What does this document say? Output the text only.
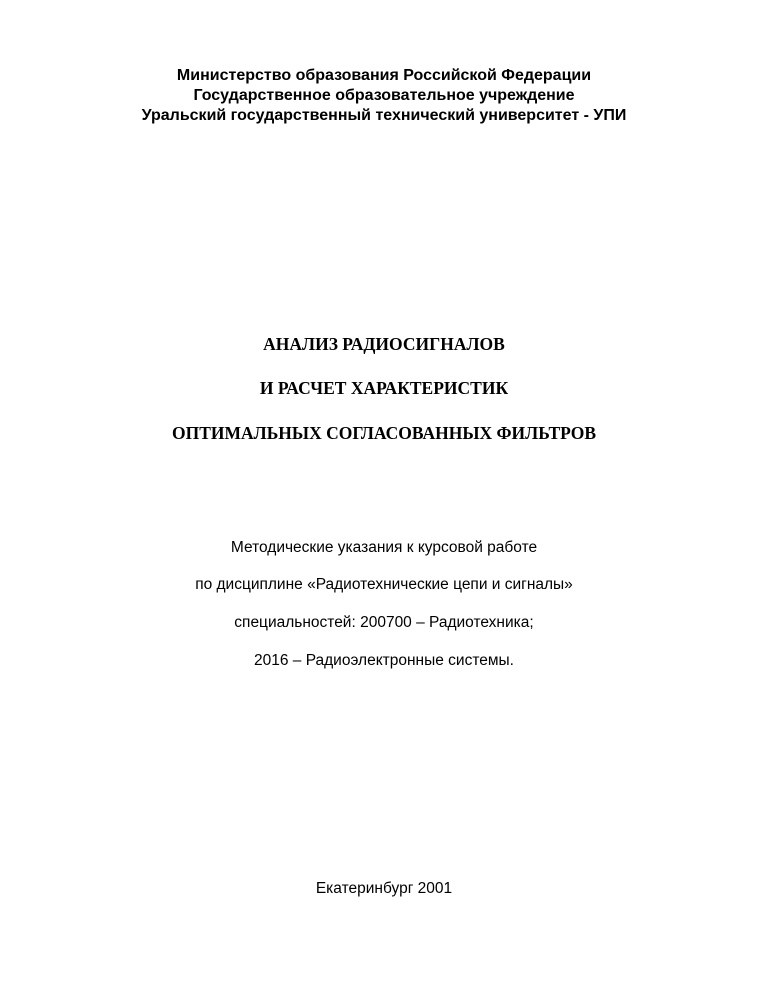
Министерство образования Российской Федерации
Государственное образовательное учреждение
Уральский государственный технический университет - УПИ
АНАЛИЗ РАДИОСИГНАЛОВ
И РАСЧЕТ ХАРАКТЕРИСТИК
ОПТИМАЛЬНЫХ СОГЛАСОВАННЫХ ФИЛЬТРОВ
Методические указания к курсовой работе
по дисциплине «Радиотехнические цепи и сигналы»
специальностей: 200700 – Радиотехника;
2016 – Радиоэлектронные системы.
Екатеринбург 2001
